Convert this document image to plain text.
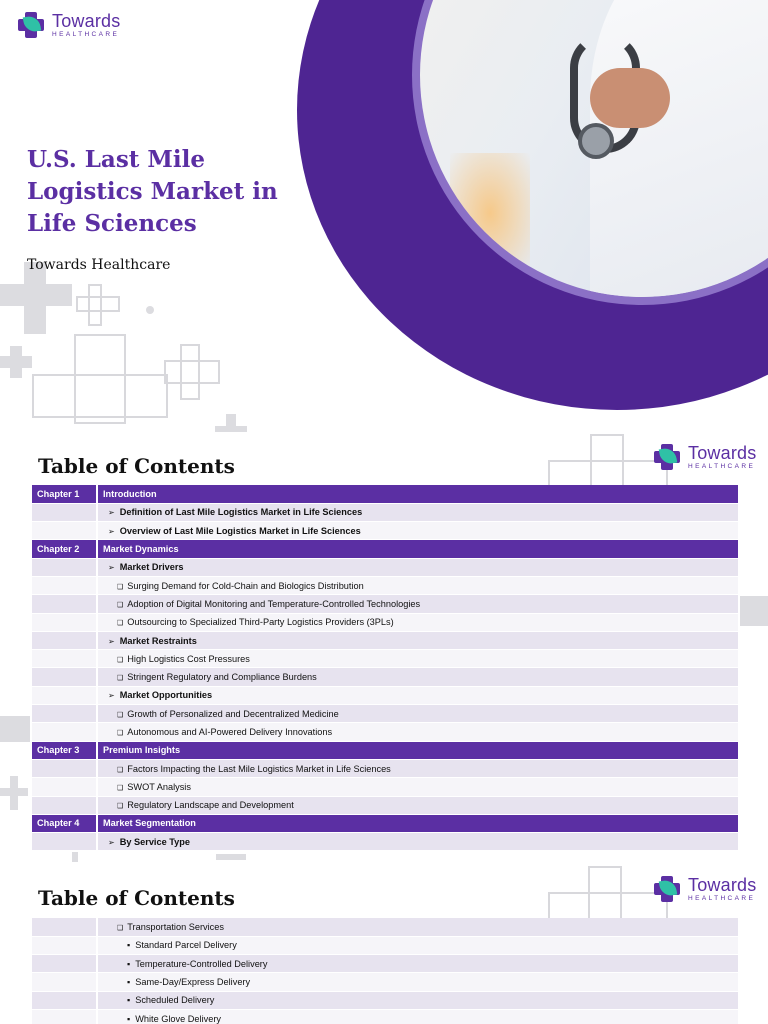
Towards
HEALTHCARE
U.S. Last Mile Logistics Market in Life Sciences
Towards Healthcare
Towards
HEALTHCARE
Table of Contents
Chapter 1	Introduction
	➢ Definition of Last Mile Logistics Market in Life Sciences
	➢ Overview of Last Mile Logistics Market in Life Sciences
Chapter 2	Market Dynamics
	➢ Market Drivers
	❑ Surging Demand for Cold-Chain and Biologics Distribution
	❑ Adoption of Digital Monitoring and Temperature-Controlled Technologies
	❑ Outsourcing to Specialized Third-Party Logistics Providers (3PLs)
	➢ Market Restraints
	❑ High Logistics Cost Pressures
	❑ Stringent Regulatory and Compliance Burdens
	➢ Market Opportunities
	❑ Growth of Personalized and Decentralized Medicine
	❑ Autonomous and AI-Powered Delivery Innovations
Chapter 3	Premium Insights
	❑ Factors Impacting the Last Mile Logistics Market in Life Sciences
	❑ SWOT Analysis
	❑ Regulatory Landscape and Development
Chapter 4	Market Segmentation
	➢ By Service Type
Towards
HEALTHCARE
Table of Contents
	❑ Transportation Services
	▪ Standard Parcel Delivery
	▪ Temperature-Controlled Delivery
	▪ Same-Day/Express Delivery
	▪ Scheduled Delivery
	▪ White Glove Delivery
